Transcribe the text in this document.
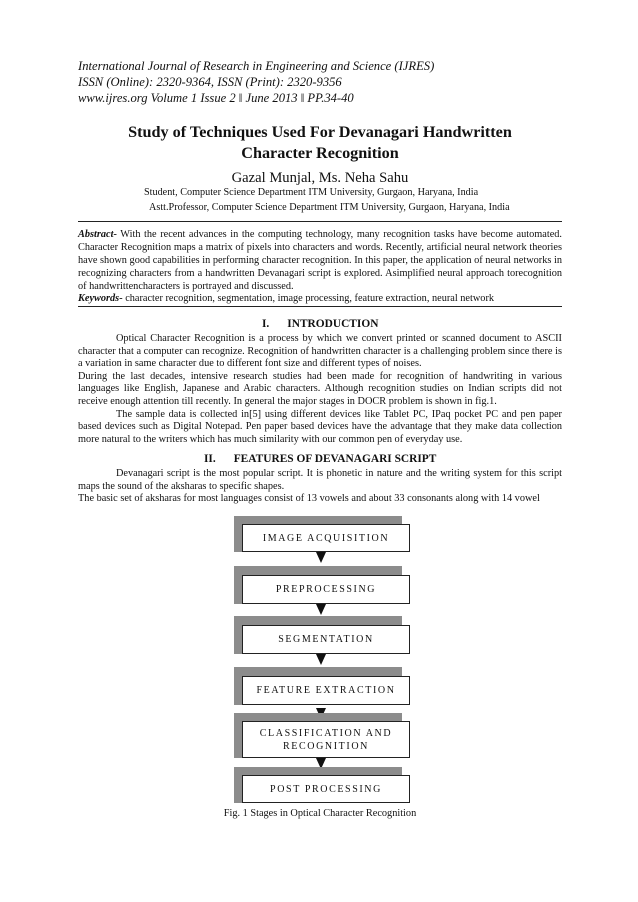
International Journal of Research in Engineering and Science (IJRES)
ISSN (Online): 2320-9364, ISSN (Print): 2320-9356
www.ijres.org Volume 1 Issue 2 ǁ June 2013 ǁ PP.34-40
Study of Techniques Used For Devanagari Handwritten
Character Recognition
Gazal Munjal, Ms. Neha Sahu
Student, Computer Science Department ITM University, Gurgaon, Haryana, India
Astt.Professor, Computer Science Department ITM University, Gurgaon, Haryana, India
Abstract- With the recent advances in the computing technology, many recognition tasks have become automated. Character Recognition maps a matrix of pixels into characters and words. Recently, artificial neural network theories have shown good capabilities in performing character recognition. In this paper, the application of neural networks in recognizing characters from a handwritten Devanagari script is explored. Asimplified neural approach torecognition of handwrittencharacters is portrayed and discussed.
Keywords- character recognition, segmentation, image processing, feature extraction, neural network
I. INTRODUCTION

Optical Character Recognition is a process by which we convert printed or scanned document to ASCII character that a computer can recognize. Recognition of handwritten character is a challenging problem since there is a variation in same character due to different font size and different types of noises.

During the last decades, intensive research studies had been made for recognition of handwriting in various languages like English, Japanese and Arabic characters. Although recognition studies on Indian scripts did not receive enough attention till recently. In general the major stages in DOCR problem is shown in fig.1.

The sample data is collected in[5] using different devices like Tablet PC, IPaq pocket PC and pen paper based devices such as Digital Notepad. Pen paper based devices have the advantage that they make data collection more natural to the writers which has much similarity with our common pen of everyday use.

II. FEATURES OF DEVANAGARI SCRIPT

Devanagari script is the most popular script. It is phonetic in nature and the writing system for this script maps the sound of the aksharas to specific shapes.

The basic set of aksharas for most languages consist of 13 vowels and about 33 consonants along with 14 vowel

IMAGE ACQUISITION
PREPROCESSING
SEGMENTATION
FEATURE EXTRACTION
CLASSIFICATION AND RECOGNITION
POST PROCESSING
Fig. 1 Stages in Optical Character Recognition
